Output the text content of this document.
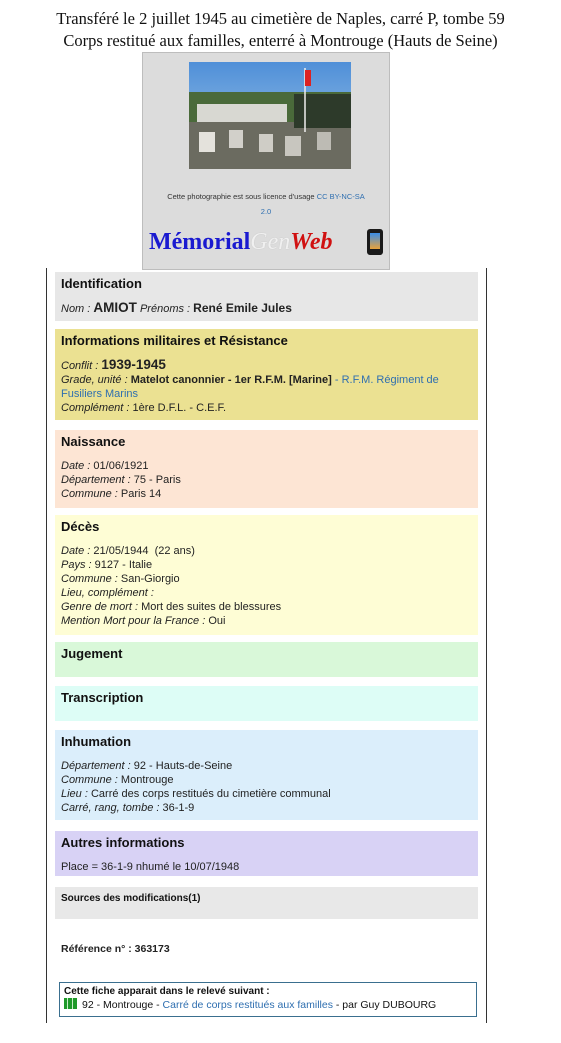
Transféré le 2 juillet 1945 au cimetière de Naples, carré P, tombe 59
Corps restitué aux familles, enterré à Montrouge (Hauts de Seine)
Cette photographie est sous licence d'usage CC BY-NC-SA
2.0
MémorialGenWeb
Identification
Nom : AMIOT Prénoms : René Emile Jules
Informations militaires et Résistance
Conflit : 1939-1945
Grade, unité : Matelot canonnier - 1er R.F.M. [Marine] - R.F.M. Régiment de Fusiliers Marins
Complément : 1ère D.F.L. - C.E.F.
Naissance
Date : 01/06/1921
Département : 75 - Paris
Commune : Paris 14
Décès
Date : 21/05/1944  (22 ans)
Pays : 9127 - Italie
Commune : San-Giorgio
Lieu, complément :
Genre de mort : Mort des suites de blessures
Mention Mort pour la France : Oui
Jugement
Transcription
Inhumation
Département : 92 - Hauts-de-Seine
Commune : Montrouge
Lieu : Carré des corps restitués du cimetière communal
Carré, rang, tombe : 36-1-9
Autres informations
Place = 36-1-9 nhumé le 10/07/1948
Sources des modifications(1)
Référence n° : 363173
Cette fiche apparait dans le relevé suivant :
92 - Montrouge - Carré de corps restitués aux familles - par Guy DUBOURG
